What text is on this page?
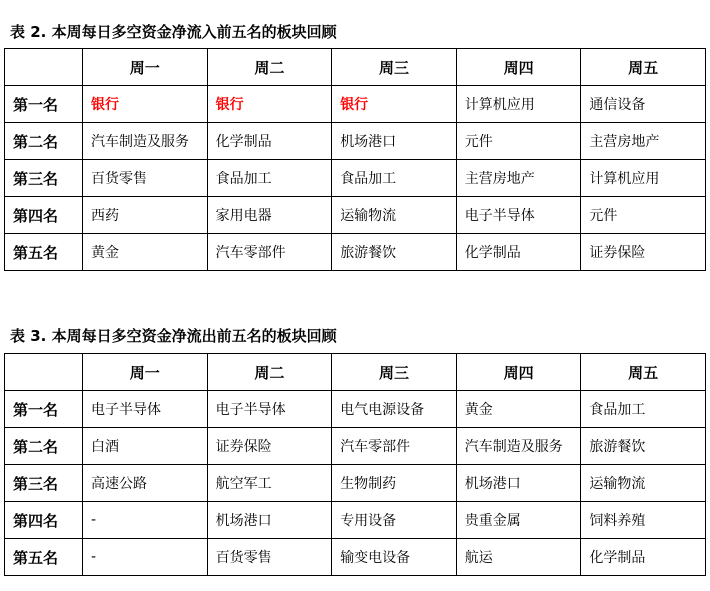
表 2. 本周每日多空资金净流入前五名的板块回顾
	周一	周二	周三	周四	周五
第一名	银行	银行	银行	计算机应用	通信设备
第二名	汽车制造及服务	化学制品	机场港口	元件	主营房地产
第三名	百货零售	食品加工	食品加工	主营房地产	计算机应用
第四名	西药	家用电器	运输物流	电子半导体	元件
第五名	黄金	汽车零部件	旅游餐饮	化学制品	证券保险
表 3. 本周每日多空资金净流出前五名的板块回顾
	周一	周二	周三	周四	周五
第一名	电子半导体	电子半导体	电气电源设备	黄金	食品加工
第二名	白酒	证券保险	汽车零部件	汽车制造及服务	旅游餐饮
第三名	高速公路	航空军工	生物制药	机场港口	运输物流
第四名	-	机场港口	专用设备	贵重金属	饲料养殖
第五名	-	百货零售	输变电设备	航运	化学制品
